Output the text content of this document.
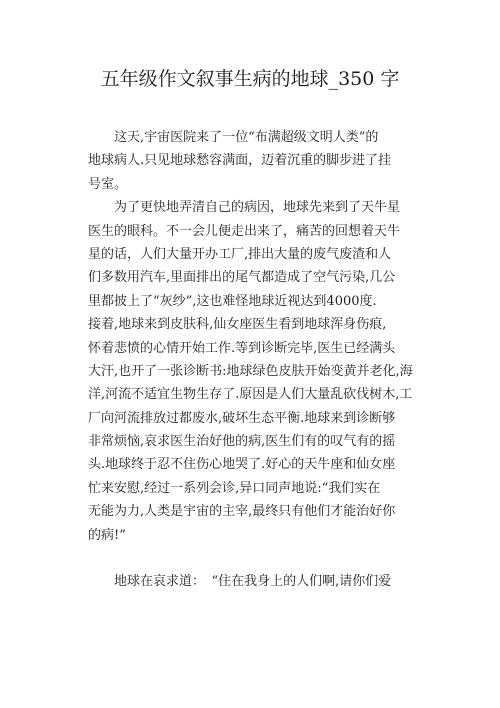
五年级作文叙事生病的地球_350 字

　　这天,宇宙医院来了一位“布满超级文明人类”的
地球病人.只见地球愁容满面，迈着沉重的脚步进了挂
号室。

　　为了更快地弄清自己的病因，地球先来到了天牛星
医生的眼科。不一会儿便走出来了，痛苦的回想着天牛
星的话，人们大量开办工厂,排出大量的废气废渣和人
们多数用汽车,里面排出的尾气都造成了空气污染,几公
里都披上了“灰纱”,这也难怪地球近视达到4000度.
接着,地球来到皮肤科,仙女座医生看到地球浑身伤痕,
怀着悲愤的心情开始工作.等到诊断完毕,医生已经满头
大汗,也开了一张诊断书:地球绿色皮肤开始变黄并老化,海
洋,河流不适宜生物生存了.原因是人们大量乱砍伐树木,工
厂向河流排放过都废水,破坏生态平衡.地球来到诊断够
非常烦恼,哀求医生治好他的病,医生们有的叹气有的摇
头.地球终于忍不住伤心地哭了.好心的天牛座和仙女座
忙来安慰,经过一系列会诊,异口同声地说:“我们实在
无能为力,人类是宇宙的主宰,最终只有他们才能治好你
的病!”

　　地球在哀求道：　“住在我身上的人们啊,请你们爱
